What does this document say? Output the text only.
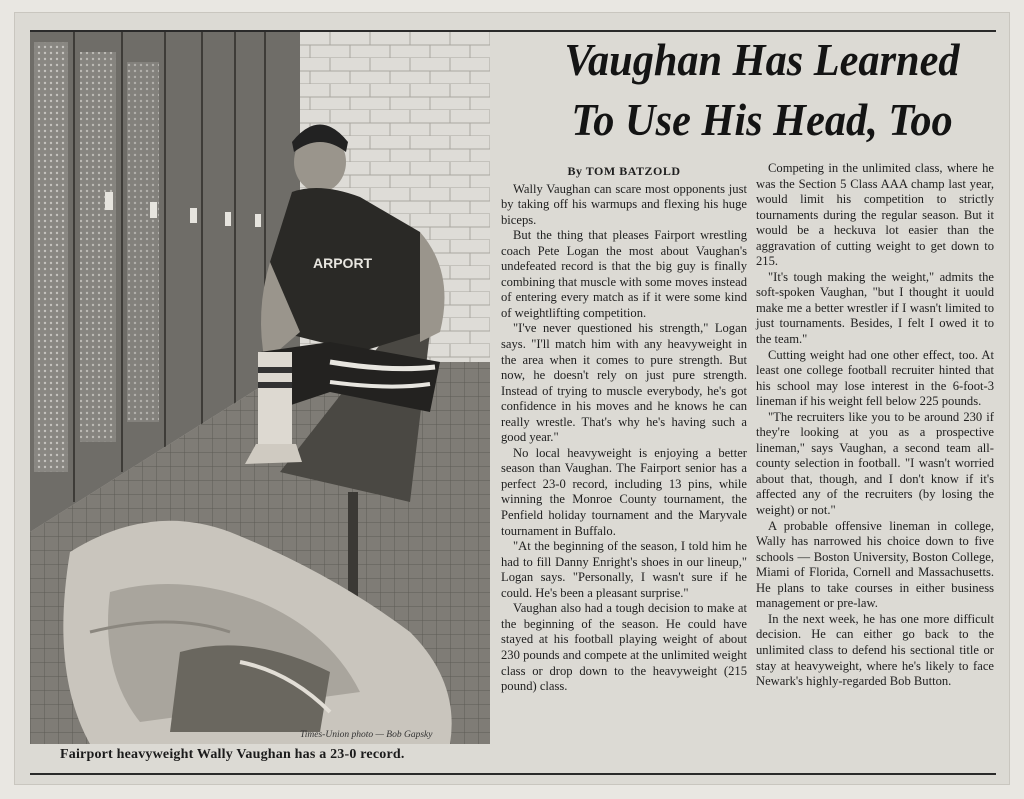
ARPORT
Times-Union photo — Bob Gapsky
Fairport heavyweight Wally Vaughan has a 23-0 record.
Vaughan Has Learned
To Use His Head, Too
By TOM BATZOLD

Wally Vaughan can scare most opponents just by taking off his warmups and flexing his huge biceps.

But the thing that pleases Fairport wrestling coach Pete Logan the most about Vaughan's undefeated record is that the big guy is finally combining that muscle with some moves instead of entering every match as if it were some kind of weightlifting competition.

"I've never questioned his strength," Logan says. "I'll match him with any heavyweight in the area when it comes to pure strength. But now, he doesn't rely on just pure strength. Instead of trying to muscle everybody, he's got confidence in his moves and he knows he can really wrestle. That's why he's having such a good year."

No local heavyweight is enjoying a better season than Vaughan. The Fairport senior has a perfect 23-0 record, including 13 pins, while winning the Monroe County tournament, the Penfield holiday tournament and the Maryvale tournament in Buffalo.

"At the beginning of the season, I told him he had to fill Danny Enright's shoes in our lineup," Logan says. "Personally, I wasn't sure if he could. He's been a pleasant surprise."

Vaughan also had a tough decision to make at the beginning of the season. He could have stayed at his football playing weight of about 230 pounds and compete at the unlimited weight class or drop down to the heavyweight (215 pound) class.

Competing in the unlimited class, where he was the Section 5 Class AAA champ last year, would limit his competition to strictly tournaments during the regular season. But it would be a heckuva lot easier than the aggravation of cutting weight to get down to 215.

"It's tough making the weight," admits the soft-spoken Vaughan, "but I thought it uould make me a better wrestler if I wasn't limited to just tournaments. Besides, I felt I owed it to the team."

Cutting weight had one other effect, too. At least one college football recruiter hinted that his school may lose interest in the 6-foot-3 lineman if his weight fell below 225 pounds.

"The recruiters like you to be around 230 if they're looking at you as a prospective lineman," says Vaughan, a second team all-county selection in football. "I wasn't worried about that, though, and I don't know if it's affected any of the recruiters (by losing the weight) or not."

A probable offensive lineman in college, Wally has narrowed his choice down to five schools — Boston University, Boston College, Miami of Florida, Cornell and Massachusetts. He plans to take courses in either business management or pre-law.

In the next week, he has one more difficult decision. He can either go back to the unlimited class to defend his sectional title or stay at heavyweight, where he's likely to face Newark's highly-regarded Bob Button.
